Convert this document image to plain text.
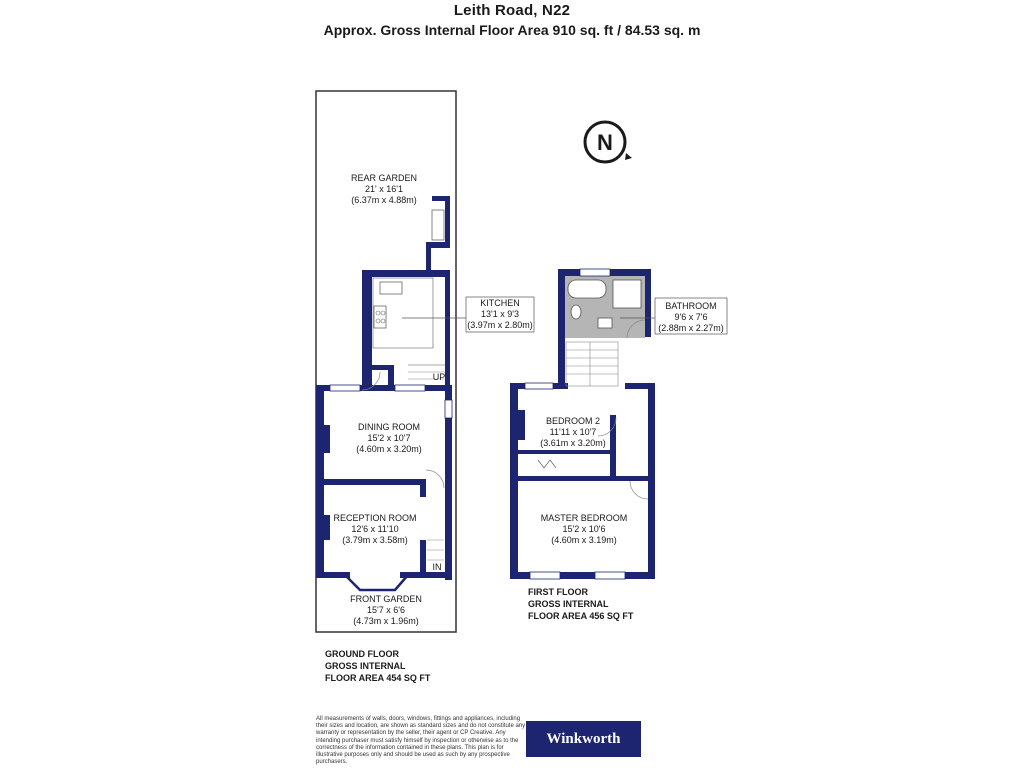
Leith Road, N22
Approx. Gross Internal Floor Area 910 sq. ft / 84.53 sq. m
N
REAR GARDEN
21' x 16'1
(6.37m x 4.88m)
KITCHEN
13'1 x 9'3
(3.97m x 2.80m)
DINING ROOM
15'2 x 10'7
(4.60m x 3.20m)
RECEPTION ROOM
12'6 x 11'10
(3.79m x 3.58m)
FRONT GARDEN
15'7 x 6'6
(4.73m x 1.96m)
BATHROOM
9'6 x 7'6
(2.88m x 2.27m)
BEDROOM 2
11'11 x 10'7
(3.61m x 3.20m)
MASTER BEDROOM
15'2 x 10'6
(4.60m x 3.19m)
UP
IN
GROUND FLOOR
GROSS INTERNAL
FLOOR AREA 454 SQ FT
FIRST FLOOR
GROSS INTERNAL
FLOOR AREA 456 SQ FT
All measurements of walls, doors, windows, fittings and appliances, including their sizes and location, are shown as standard sizes and do not constitute any warranty or representation by the seller, their agent or CP Creative. Any intending purchaser must satisfy himself by inspection or otherwise as to the correctness of the information contained in these plans. This plan is for illustrative purposes only and should be used as such by any prospective purchasers.
Winkworth
